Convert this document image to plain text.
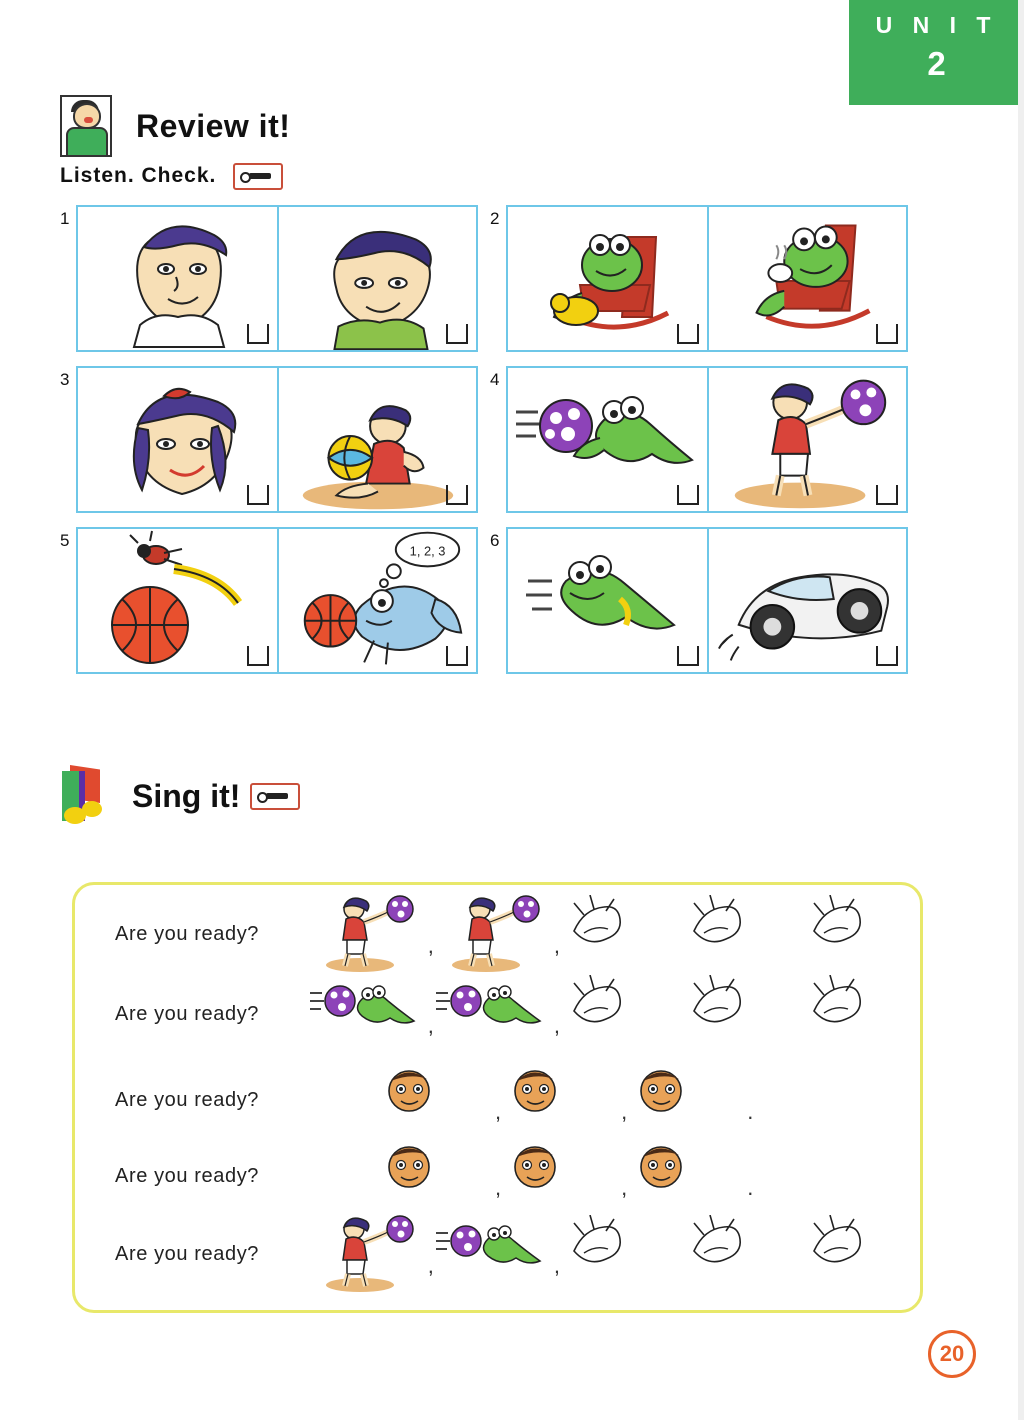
U N I T
2
Review it!
Listen. Check.
1	2
3	4
5
1, 2, 3
6
Sing it!
Are you ready?	,	,
Are you ready?	,	,
Are you ready?	,	,	.
Are you ready?	,	,	.
Are you ready?	,	,
20
